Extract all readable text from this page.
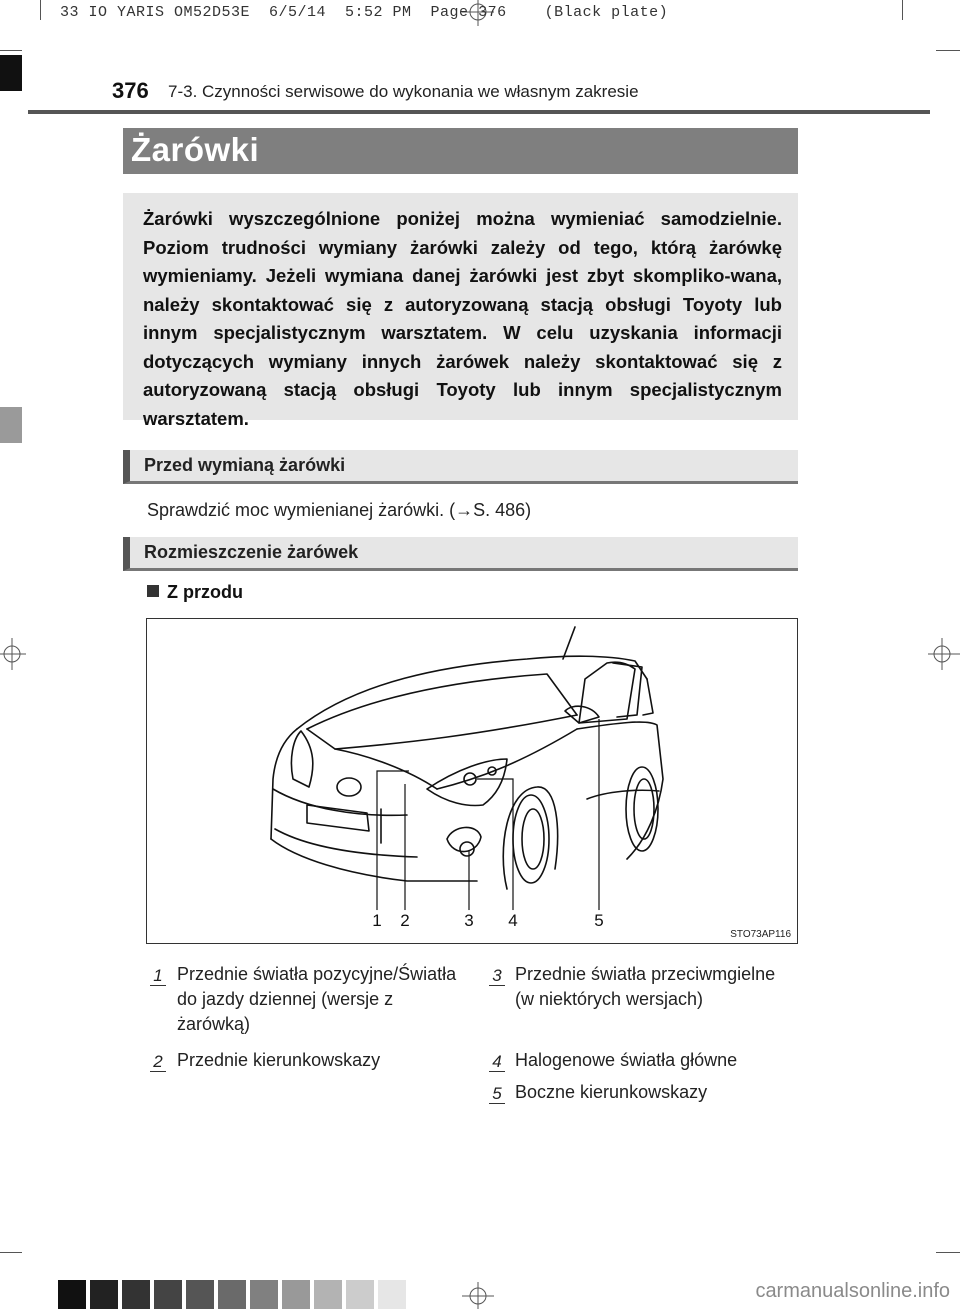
33 IO YARIS OM52D53E  6/5/14  5:52 PM  Page 376    (Black plate)
376 7-3. Czynności serwisowe do wykonania we własnym zakresie
Żarówki
Żarówki wyszczególnione poniżej można wymieniać samodzielnie. Poziom trudności wymiany żarówki zależy od tego, którą żarówkę wymieniamy. Jeżeli wymiana danej żarówki jest zbyt skompliko-wana, należy skontaktować się z autoryzowaną stacją obsługi Toyoty lub innym specjalistycznym warsztatem. W celu uzyskania informacji dotyczących wymiany innych żarówek należy skontaktować się z autoryzowaną stacją obsługi Toyoty lub innym specjalistycznym warsztatem.
Przed wymianą żarówki
Sprawdzić moc wymienianej żarówki. (→S. 486)
Rozmieszczenie żarówek
Z przodu
1 2	3 4	5
STO73AP116
1 Przednie światła pozycyjne/Światła do jazdy dziennej (wersje z żarówką)
2 Przednie kierunkowskazy
3 Przednie światła przeciwmgielne (w niektórych wersjach)
4 Halogenowe światła główne
5 Boczne kierunkowskazy
carmanualsonline.info
